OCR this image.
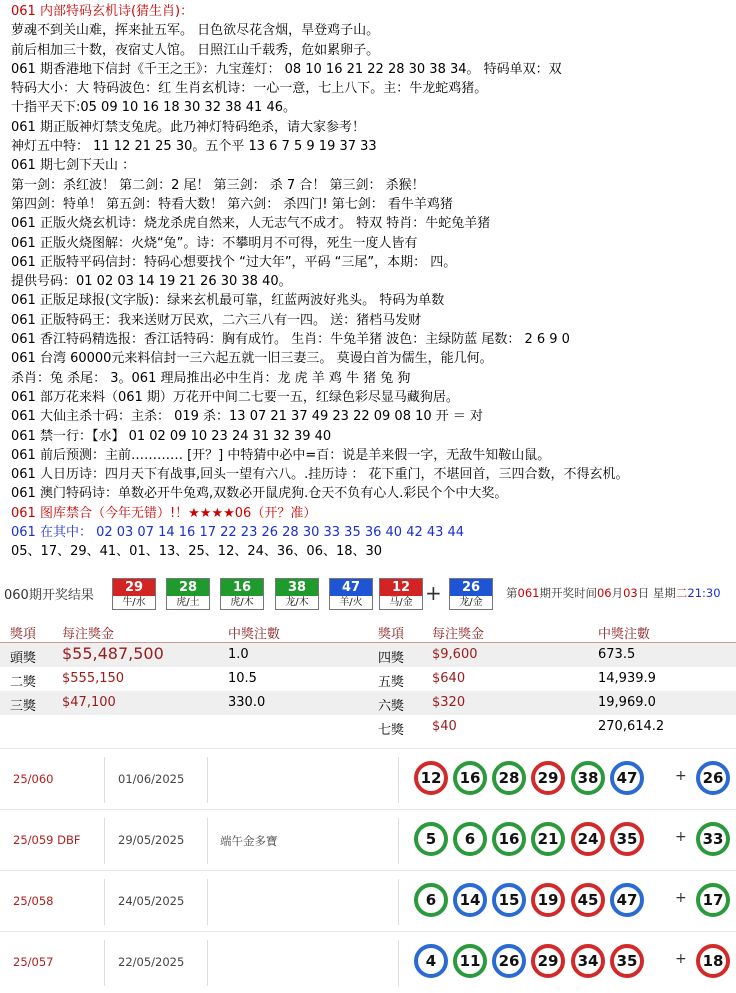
061 内部特码玄机诗(猜生肖)：
萝魂不到关山难，挥来扯五军。 日色欲尽花含烟，旱登鸡子山。
前后相加三十数，夜宿丈人馆。 日照江山千载秀，危如累卵子。
061 期香港地下信封《千王之王》：九宝莲灯： 08 10 16 21 22 28 30 38 34。 特码单双：双
特码大小：大 特码波色：红 生肖玄机诗：一心一意，七上八下。主：牛龙蛇鸡猪。
十指平天下:05 09 10 16 18 30 32 38 41 46。
061 期正版神灯禁支兔虎。此乃神灯特码绝杀，请大家参考！
神灯五中特： 11 12 21 25 30。五个平 13 6 7 5 9 19 37 33
061 期七剑下天山 ：
第一剑：杀红波！ 第二剑：2 尾！ 第三剑： 杀 7 合！ 第三剑： 杀猴！
第四剑：特单！ 第五剑：特看大数！ 第六剑： 杀四门! 第七剑： 看牛羊鸡猪
061 正版火烧玄机诗：烧龙杀虎自然来，人无志气不成才。 特双 特肖：牛蛇兔羊猪
061 正版火烧图解：火烧“兔”。诗：不攀明月不可得，死生一度人皆有
061 正版特平码信封：特码心想要找个 “过大年”，平码 “三尾”，本期： 四。
提供号码：01 02 03 14 19 21 26 30 38 40。
061 正版足球报(文字版)：绿来玄机最可靠，红蓝两波好兆头。 特码为单数
061 正版特码王：我来送财万民欢，二六三八有一四。 送：猪档马发财
061 香江特码精选报：香江话特码：胸有成竹。 生肖：牛兔羊猪 波色：主绿防蓝 尾数： 2 6 9 0
061 台湾 60000元来料信封一三六起五就一旧三妻三。 莫谩白首为儒生，能几何。
杀肖：兔 杀尾： 3。061 理局推出必中生肖：龙 虎 羊 鸡 牛 猪 兔 狗
061 部万花来料（061 期）万花开中间二七要一五，红绿色彩尽显马藏狗居。
061 大仙主杀十码：主杀： 019 杀：13 07 21 37 49 23 22 09 08 10 开 ＝ 对
061 禁一行：【水】 01 02 09 10 23 24 31 32 39 40
061 前后预测：主前………… [开？] 中特猜中必中=百：说是羊来假一字，无敌牛知鞍山鼠。
061 人日历诗：四月天下有战事,回头一望有六八。.挂历诗 ： 花下重门，不堪回首，三四合数，不得玄机。
061 澳门特码诗：单数必开牛兔鸡,双数必开鼠虎狗.仓天不负有心人.彩民个个中大奖。
061 图库禁合（今年无错）!！★★★★06（开？准）
061 在其中： 02 03 07 14 16 17 22 23 26 28 30 33 35 36 40 42 43 44
05、17、29、41、01、13、25、12、24、36、06、18、30
060期开奖结果
29
牛/水
28
虎/土
16
虎/木
38
龙/木
47
羊/火
12
马/金
26
龙/金
+	第061期开奖时间06月03日 星期二21:30
獎項 每注獎金	中獎注數
頭獎 $55,487,500	1.0
二獎 $555,150	10.5
三獎 $47,100	330.0
獎項 每注獎金	中獎注數
四獎 $9,600	673.5
五獎 $640	14,939.9
六獎 $320	19,969.0
七獎 $40	270,614.2
25/060	01/06/2025	12	16	28	29	38	47	+	26
25/059 DBF	29/05/2025	端午金多寶	5	6	16	21	24	35	+	33
25/058	24/05/2025	6	14	15	19	45	47	+	17
25/057	22/05/2025	4	11	26	29	34	35	+	18
